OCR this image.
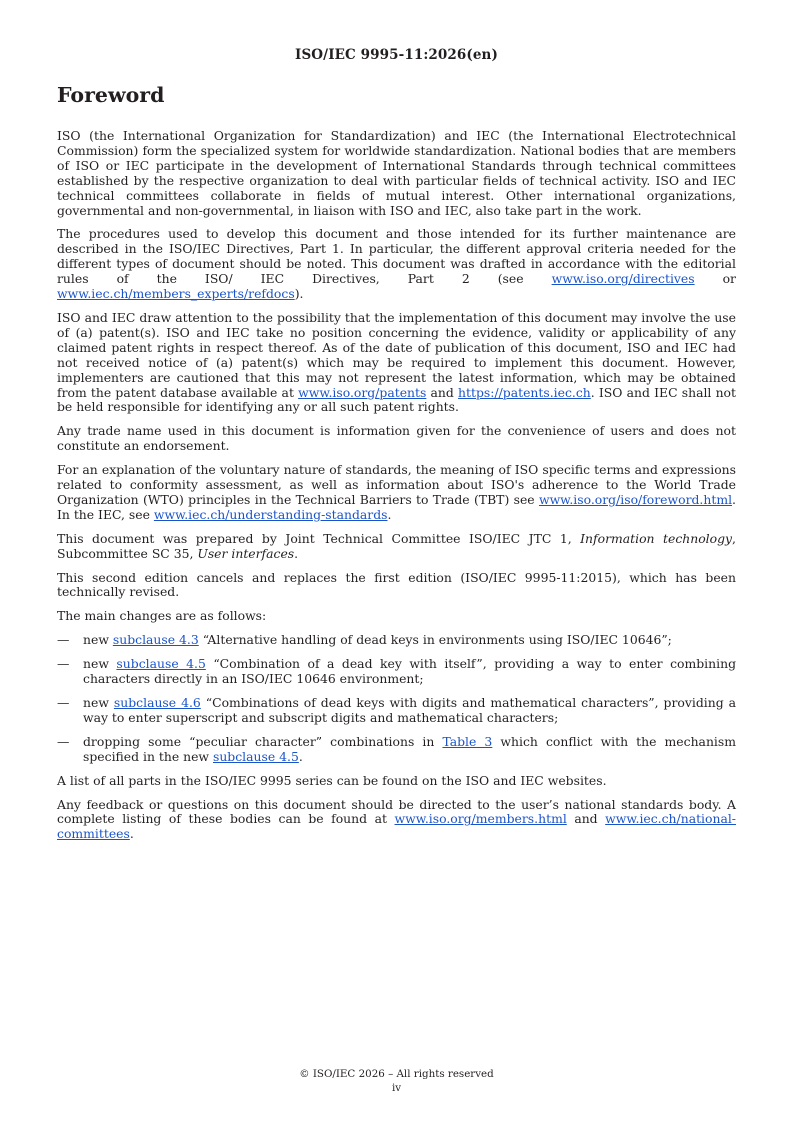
ISO/IEC 9995-11:2026(en)
Foreword

ISO (the International Organization for Standardization) and IEC (the International Electrotechnical Commission) form the specialized system for worldwide standardization. National bodies that are members of ISO or IEC participate in the development of International Standards through technical committees established by the respective organization to deal with particular fields of technical activity. ISO and IEC technical committees collaborate in fields of mutual interest. Other international organizations, governmental and non-governmental, in liaison with ISO and IEC, also take part in the work.

The procedures used to develop this document and those intended for its further maintenance are described in the ISO/IEC Directives, Part 1. In particular, the different approval criteria needed for the different types of document should be noted. This document was drafted in accordance with the editorial rules of the ISO/ IEC Directives, Part 2 (see www.iso.org/directives or www.iec.ch/members_experts/refdocs).

ISO and IEC draw attention to the possibility that the implementation of this document may involve the use of (a) patent(s). ISO and IEC take no position concerning the evidence, validity or applicability of any claimed patent rights in respect thereof. As of the date of publication of this document, ISO and IEC had not received notice of (a) patent(s) which may be required to implement this document. However, implementers are cautioned that this may not represent the latest information, which may be obtained from the patent database available at www.iso.org/patents and https://patents.iec.ch. ISO and IEC shall not be held responsible for identifying any or all such patent rights.

Any trade name used in this document is information given for the convenience of users and does not constitute an endorsement.

For an explanation of the voluntary nature of standards, the meaning of ISO specific terms and expressions related to conformity assessment, as well as information about ISO's adherence to the World Trade Organization (WTO) principles in the Technical Barriers to Trade (TBT) see www.iso.org/iso/foreword.html. In the IEC, see www.iec.ch/understanding-standards.

This document was prepared by Joint Technical Committee ISO/IEC JTC 1, Information technology, Subcommittee SC 35, User interfaces.

This second edition cancels and replaces the first edition (ISO/IEC 9995-11:2015), which has been technically revised.

The main changes are as follows:

— new subclause 4.3 “Alternative handling of dead keys in environments using ISO/IEC 10646”;
— new subclause 4.5 “Combination of a dead key with itself”, providing a way to enter combining characters directly in an ISO/IEC 10646 environment;
— new subclause 4.6 “Combinations of dead keys with digits and mathematical characters”, providing a way to enter superscript and subscript digits and mathematical characters;
— dropping some “peculiar character” combinations in Table 3 which conflict with the mechanism specified in the new subclause 4.5.

A list of all parts in the ISO/IEC 9995 series can be found on the ISO and IEC websites.

Any feedback or questions on this document should be directed to the user’s national standards body. A complete listing of these bodies can be found at www.iso.org/members.html and www.iec.ch/national-committees.

© ISO/IEC 2026 – All rights reserved
iv
